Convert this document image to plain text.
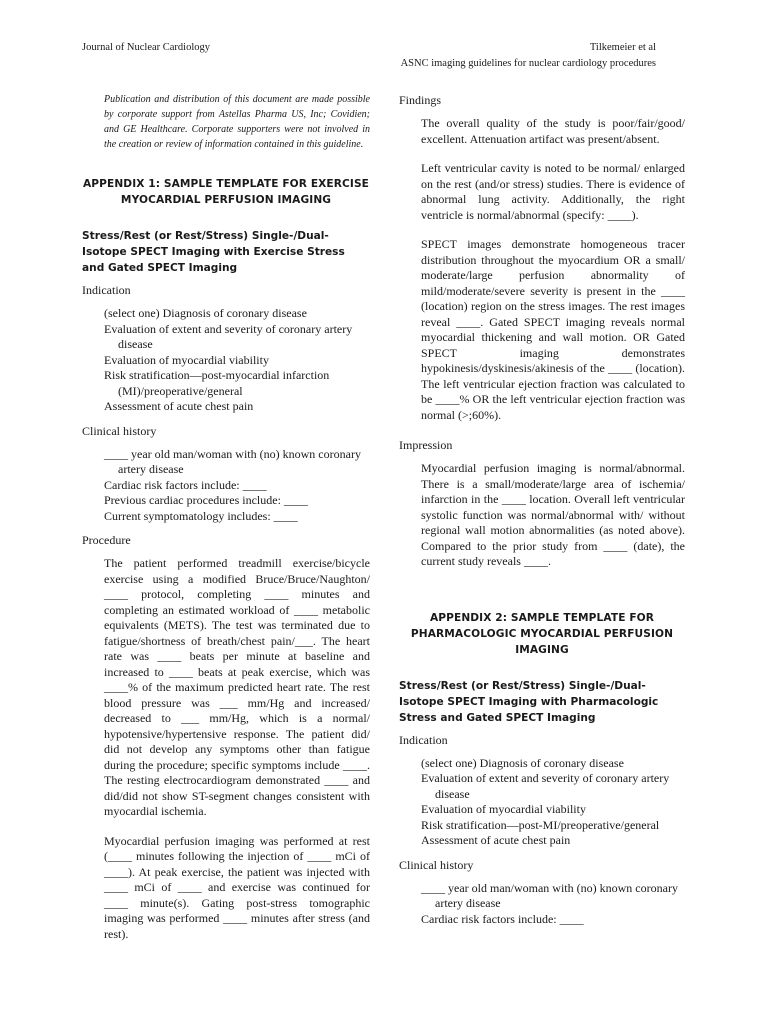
Journal of Nuclear Cardiology	Tilkemeier et al
ASNC imaging guidelines for nuclear cardiology procedures

Publication and distribution of this document are made possible by corporate support from Astellas Pharma US, Inc; Covidien; and GE Healthcare. Corporate supporters were not involved in the creation or review of information contained in this guideline.

APPENDIX 1: SAMPLE TEMPLATE FOR EXERCISE MYOCARDIAL PERFUSION IMAGING
Stress/Rest (or Rest/Stress) Single-/Dual-Isotope SPECT Imaging with Exercise Stress and Gated SPECT Imaging
Indication
(select one) Diagnosis of coronary disease
Evaluation of extent and severity of coronary artery disease
Evaluation of myocardial viability
Risk stratification—post-myocardial infarction (MI)/preoperative/general
Assessment of acute chest pain
Clinical history
____ year old man/woman with (no) known coronary artery disease
Cardiac risk factors include: ____
Previous cardiac procedures include: ____
Current symptomatology includes: ____
Procedure

The patient performed treadmill exercise/bicycle exercise using a modified Bruce/Bruce/Naughton/ ____ protocol, completing ____ minutes and completing an estimated workload of ____ metabolic equivalents (METS). The test was terminated due to fatigue/shortness of breath/chest pain/___. The heart rate was ____ beats per minute at baseline and increased to ____ beats at peak exercise, which was ____% of the maximum predicted heart rate. The rest blood pressure was ___ mm/Hg and increased/ decreased to ___ mm/Hg, which is a normal/ hypotensive/hypertensive response. The patient did/ did not develop any symptoms other than fatigue during the procedure; specific symptoms include ____. The resting electrocardiogram demonstrated ____ and did/did not show ST-segment changes consistent with myocardial ischemia.

Myocardial perfusion imaging was performed at rest (____ minutes following the injection of ____ mCi of ____). At peak exercise, the patient was injected with ____ mCi of ____ and exercise was continued for ____ minute(s). Gating post-stress tomographic imaging was performed ____ minutes after stress (and rest).

Findings

The overall quality of the study is poor/fair/good/ excellent. Attenuation artifact was present/absent.

Left ventricular cavity is noted to be normal/ enlarged on the rest (and/or stress) studies. There is evidence of abnormal lung activity. Additionally, the right ventricle is normal/abnormal (specify: ____).

SPECT images demonstrate homogeneous tracer distribution throughout the myocardium OR a small/ moderate/large perfusion abnormality of mild/moderate/severe severity is present in the ____ (location) region on the stress images. The rest images reveal ____. Gated SPECT imaging reveals normal myocardial thickening and wall motion. OR Gated SPECT imaging demonstrates hypokinesis/dyskinesis/akinesis of the ____ (location). The left ventricular ejection fraction was calculated to be ____% OR the left ventricular ejection fraction was normal (>;60%).

Impression

Myocardial perfusion imaging is normal/abnormal. There is a small/moderate/large area of ischemia/ infarction in the ____ location. Overall left ventricular systolic function was normal/abnormal with/ without regional wall motion abnormalities (as noted above). Compared to the prior study from ____ (date), the current study reveals ____.

APPENDIX 2: SAMPLE TEMPLATE FOR PHARMACOLOGIC MYOCARDIAL PERFUSION IMAGING
Stress/Rest (or Rest/Stress) Single-/Dual-Isotope SPECT Imaging with Pharmacologic Stress and Gated SPECT Imaging
Indication
(select one) Diagnosis of coronary disease
Evaluation of extent and severity of coronary artery disease
Evaluation of myocardial viability
Risk stratification—post-MI/preoperative/general
Assessment of acute chest pain
Clinical history
____ year old man/woman with (no) known coronary artery disease
Cardiac risk factors include: ____
